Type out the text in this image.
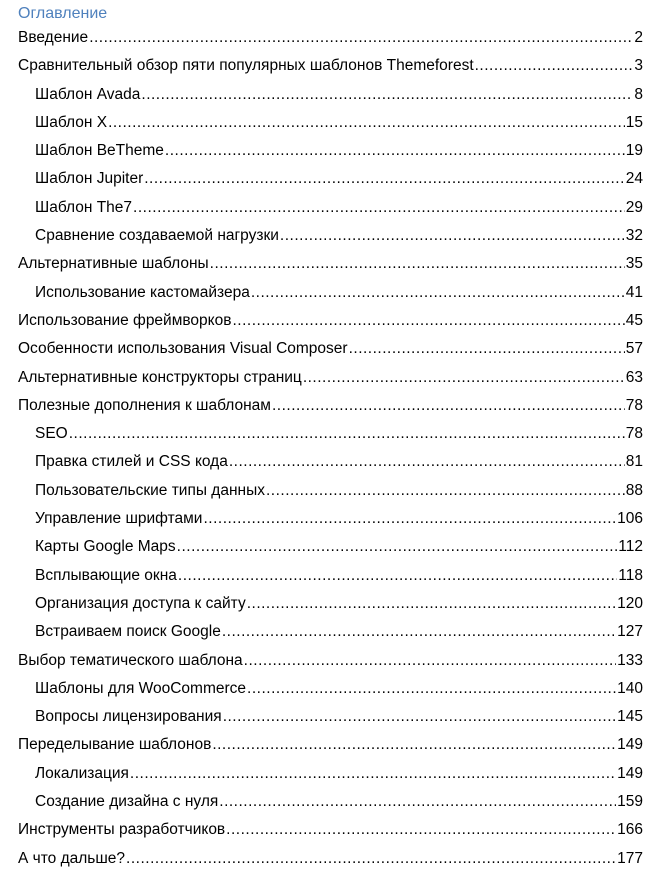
Оглавление
Введение .....	2
Сравнительный обзор пяти популярных шаблонов Themeforest .....	3
Шаблон Avada .....	8
Шаблон X .....	15
Шаблон BeTheme .....	19
Шаблон Jupiter .....	24
Шаблон The7 .....	29
Сравнение создаваемой нагрузки .....	32
Альтернативные шаблоны .....	35
Использование кастомайзера .....	41
Использование фреймворков .....	45
Особенности использования Visual Composer .....	57
Альтернативные конструкторы страниц .....	63
Полезные дополнения к шаблонам .....	78
SEO .....	78
Правка стилей и CSS кода .....	81
Пользовательские типы данных .....	88
Управление шрифтами .....	106
Карты Google Maps .....	112
Всплывающие окна .....	118
Организация доступа к сайту .....	120
Встраиваем поиск Google .....	127
Выбор тематического шаблона .....	133
Шаблоны для WooCommerce .....	140
Вопросы лицензирования .....	145
Переделывание шаблонов .....	149
Локализация .....	149
Создание дизайна с нуля .....	159
Инструменты разработчиков .....	166
А что дальше? .....	177
